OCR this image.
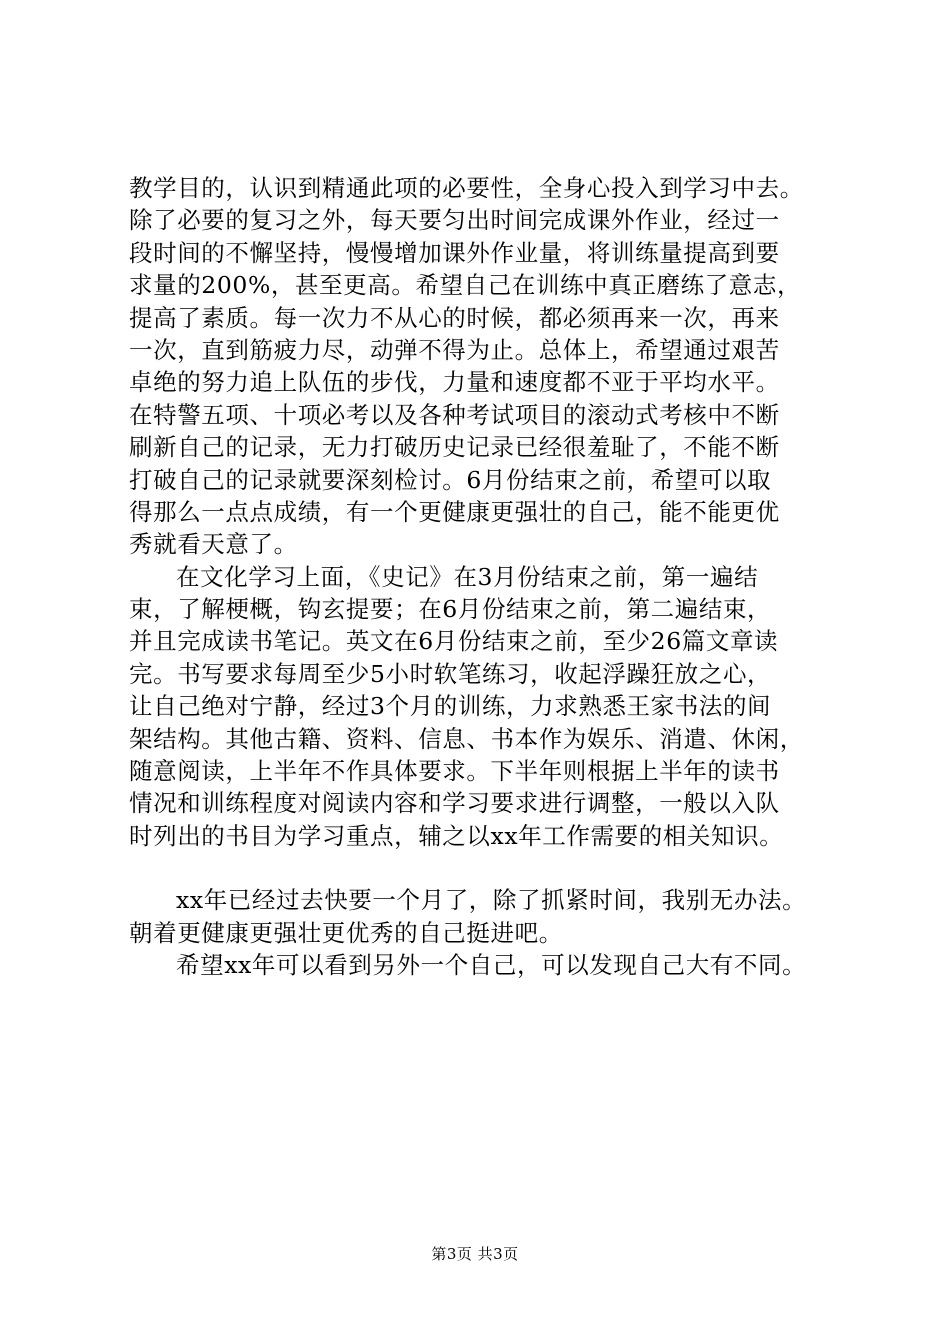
教学目的，认识到精通此项的必要性，全身心投入到学习中去。
除了必要的复习之外，每天要匀出时间完成课外作业，经过一
段时间的不懈坚持，慢慢增加课外作业量，将训练量提高到要
求量的200%，甚至更高。希望自己在训练中真正磨练了意志，
提高了素质。每一次力不从心的时候，都必须再来一次，再来
一次，直到筋疲力尽，动弹不得为止。总体上，希望通过艰苦
卓绝的努力追上队伍的步伐，力量和速度都不亚于平均水平。
在特警五项、十项必考以及各种考试项目的滚动式考核中不断
刷新自己的记录，无力打破历史记录已经很羞耻了，不能不断
打破自己的记录就要深刻检讨。6月份结束之前，希望可以取
得那么一点点成绩，有一个更健康更强壮的自己，能不能更优
秀就看天意了。
在文化学习上面，《史记》在3月份结束之前，第一遍结
束，了解梗概，钩玄提要；在6月份结束之前，第二遍结束，
并且完成读书笔记。英文在6月份结束之前，至少26篇文章读
完。书写要求每周至少5小时软笔练习，收起浮躁狂放之心，
让自己绝对宁静，经过3个月的训练，力求熟悉王家书法的间
架结构。其他古籍、资料、信息、书本作为娱乐、消遣、休闲，
随意阅读，上半年不作具体要求。下半年则根据上半年的读书
情况和训练程度对阅读内容和学习要求进行调整，一般以入队
时列出的书目为学习重点，辅之以xx年工作需要的相关知识。
xx年已经过去快要一个月了，除了抓紧时间，我别无办法。
朝着更健康更强壮更优秀的自己挺进吧。
希望xx年可以看到另外一个自己，可以发现自己大有不同。
第3页 共3页
